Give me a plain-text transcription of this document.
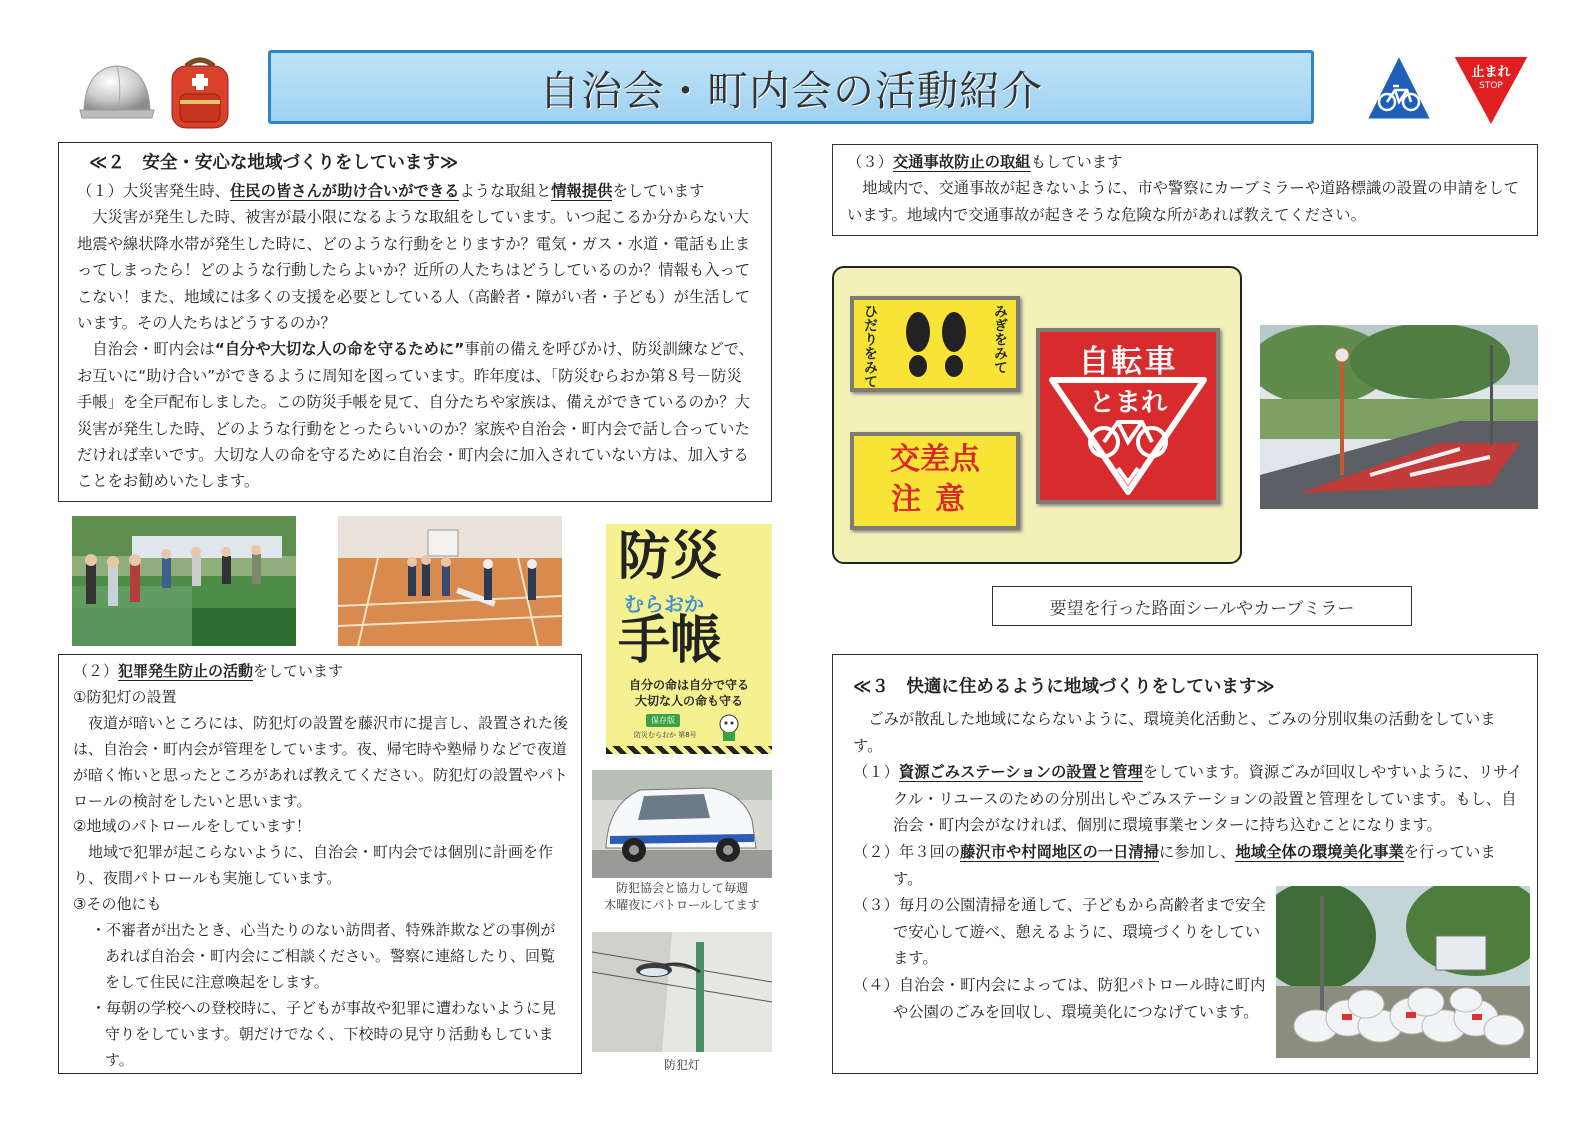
自治会・町内会の活動紹介	止まれ
STOP
≪２　安全・安心な地域づくりをしています≫

（１）大災害発生時、住民の皆さんが助け合いができるような取組と情報提供をしています

大災害が発生した時、被害が最小限になるような取組をしています。いつ起こるか分からない大地震や線状降水帯が発生した時に、どのような行動をとりますか？電気・ガス・水道・電話も止まってしまったら！どのような行動したらよいか？近所の人たちはどうしているのか？情報も入ってこない！また、地域には多くの支援を必要としている人（高齢者・障がい者・子ども）が生活しています。その人たちはどうするのか？

自治会・町内会は“自分や大切な人の命を守るために”事前の備えを呼びかけ、防災訓練などで、お互いに“助け合い”ができるように周知を図っています。昨年度は、「防災むらおか第８号－防災手帳」を全戸配布しました。この防災手帳を見て、自分たちや家族は、備えができているのか？大災害が発生した時、どのような行動をとったらいいのか？家族や自治会・町内会で話し合っていただければ幸いです。大切な人の命を守るために自治会・町内会に加入されていない方は、加入することをお勧めいたします。

防災
むらおか
手帳
自分の命は自分で守る
大切な人の命も守る
保存版
防災むらおか 第8号

（２）犯罪発生防止の活動をしています

①防犯灯の設置

夜道が暗いところには、防犯灯の設置を藤沢市に提言し、設置された後は、自治会・町内会が管理をしています。夜、帰宅時や塾帰りなどで夜道が暗く怖いと思ったところがあれば教えてください。防犯灯の設置やパトロールの検討をしたいと思います。

②地域のパトロールをしています！

地域で犯罪が起こらないように、自治会・町内会では個別に計画を作り、夜間パトロールも実施しています。

③その他にも

・不審者が出たとき、心当たりのない訪問者、特殊詐欺などの事例があれば自治会・町内会にご相談ください。警察に連絡したり、回覧をして住民に注意喚起をします。

・毎朝の学校への登校時に、子どもが事故や犯罪に遭わないように見守りをしています。朝だけでなく、下校時の見守り活動もしています。

防犯協会と協力して毎週
木曜夜にパトロールしてます
防犯灯

（３）交通事故防止の取組もしています

地域内で、交通事故が起きないように、市や警察にカーブミラーや道路標識の設置の申請をしています。地域内で交通事故が起きそうな危険な所があれば教えてください。

ひだりをみて	みぎをみて
交差点
注意
自転車
とまれ
要望を行った路面シールやカーブミラー
≪３　快適に住めるように地域づくりをしています≫

ごみが散乱した地域にならないように、環境美化活動と、ごみの分別収集の活動をしています。

（１）資源ごみステーションの設置と管理をしています。資源ごみが回収しやすいように、リサイクル・リユースのための分別出しやごみステーションの設置と管理をしています。もし、自治会・町内会がなければ、個別に環境事業センターに持ち込むことになります。

（２）年３回の藤沢市や村岡地区の一日清掃に参加し、地域全体の環境美化事業を行っています。

（３）毎月の公園清掃を通して、子どもから高齢者まで安全で安心して遊べ、憩えるように、環境づくりをしています。

（４）自治会・町内会によっては、防犯パトロール時に町内や公園のごみを回収し、環境美化につなげています。
